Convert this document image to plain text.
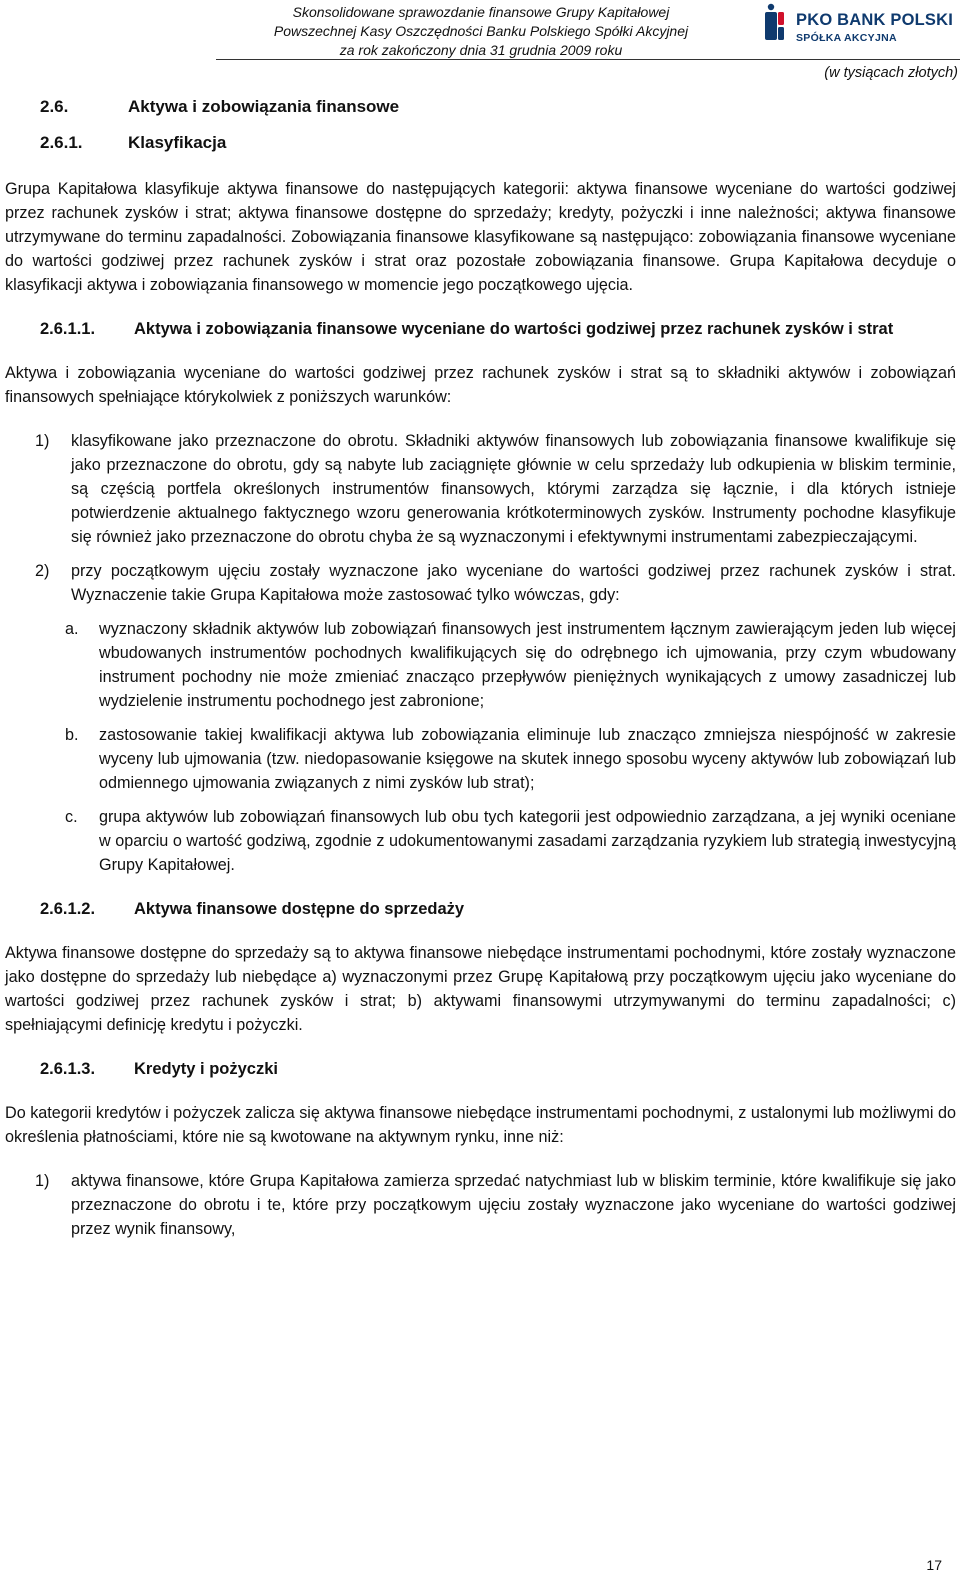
Skonsolidowane sprawozdanie finansowe Grupy Kapitałowej
Powszechnej Kasy Oszczędności Banku Polskiego Spółki Akcyjnej
za rok zakończony dnia 31 grudnia 2009 roku
PKO BANK POLSKI
SPÓŁKA AKCYJNA
(w tysiącach złotych)
2.6.	Aktywa i zobowiązania finansowe
2.6.1.	Klasyfikacja

Grupa Kapitałowa klasyfikuje aktywa finansowe do następujących kategorii: aktywa finansowe wyceniane do wartości godziwej przez rachunek zysków i strat; aktywa finansowe dostępne do sprzedaży; kredyty, pożyczki i inne należności; aktywa finansowe utrzymywane do terminu zapadalności. Zobowiązania finansowe klasyfikowane są następująco: zobowiązania finansowe wyceniane do wartości godziwej przez rachunek zysków i strat oraz pozostałe zobowiązania finansowe. Grupa Kapitałowa decyduje o klasyfikacji aktywa i zobowiązania finansowego w momencie jego początkowego ujęcia.

2.6.1.1.	Aktywa i zobowiązania finansowe wyceniane do wartości godziwej przez rachunek zysków i strat

Aktywa i zobowiązania wyceniane do wartości godziwej przez rachunek zysków i strat są to składniki aktywów i zobowiązań finansowych spełniające którykolwiek z poniższych warunków:

1)	klasyfikowane jako przeznaczone do obrotu. Składniki aktywów finansowych lub zobowiązania finansowe kwalifikuje się jako przeznaczone do obrotu, gdy są nabyte lub zaciągnięte głównie w celu sprzedaży lub odkupienia w bliskim terminie, są częścią portfela określonych instrumentów finansowych, którymi zarządza się łącznie, i dla których istnieje potwierdzenie aktualnego faktycznego wzoru generowania krótkoterminowych zysków. Instrumenty pochodne klasyfikuje się również jako przeznaczone do obrotu chyba że są wyznaczonymi i efektywnymi instrumentami zabezpieczającymi.
2)	przy początkowym ujęciu zostały wyznaczone jako wyceniane do wartości godziwej przez rachunek zysków i strat. Wyznaczenie takie Grupa Kapitałowa może zastosować tylko wówczas, gdy:
a.	wyznaczony składnik aktywów lub zobowiązań finansowych jest instrumentem łącznym zawierającym jeden lub więcej wbudowanych instrumentów pochodnych kwalifikujących się do odrębnego ich ujmowania, przy czym wbudowany instrument pochodny nie może zmieniać znacząco przepływów pieniężnych wynikających z umowy zasadniczej lub wydzielenie instrumentu pochodnego jest zabronione;
b.	zastosowanie takiej kwalifikacji aktywa lub zobowiązania eliminuje lub znacząco zmniejsza niespójność w zakresie wyceny lub ujmowania (tzw. niedopasowanie księgowe na skutek innego sposobu wyceny aktywów lub zobowiązań lub odmiennego ujmowania związanych z nimi zysków lub strat);
c.	grupa aktywów lub zobowiązań finansowych lub obu tych kategorii jest odpowiednio zarządzana, a jej wyniki oceniane w oparciu o wartość godziwą, zgodnie z udokumentowanymi zasadami zarządzania ryzykiem lub strategią inwestycyjną Grupy Kapitałowej.
2.6.1.2.	Aktywa finansowe dostępne do sprzedaży

Aktywa finansowe dostępne do sprzedaży są to aktywa finansowe niebędące instrumentami pochodnymi, które zostały wyznaczone jako dostępne do sprzedaży lub niebędące a) wyznaczonymi przez Grupę Kapitałową przy początkowym ujęciu jako wyceniane do wartości godziwej przez rachunek zysków i strat; b) aktywami finansowymi utrzymywanymi do terminu zapadalności; c) spełniającymi definicję kredytu i pożyczki.

2.6.1.3.	Kredyty i pożyczki

Do kategorii kredytów i pożyczek zalicza się aktywa finansowe niebędące instrumentami pochodnymi, z ustalonymi lub możliwymi do określenia płatnościami, które nie są kwotowane na aktywnym rynku, inne niż:

1)	aktywa finansowe, które Grupa Kapitałowa zamierza sprzedać natychmiast lub w bliskim terminie, które kwalifikuje się jako przeznaczone do obrotu i te, które przy początkowym ujęciu zostały wyznaczone jako wyceniane do wartości godziwej przez wynik finansowy,
17
